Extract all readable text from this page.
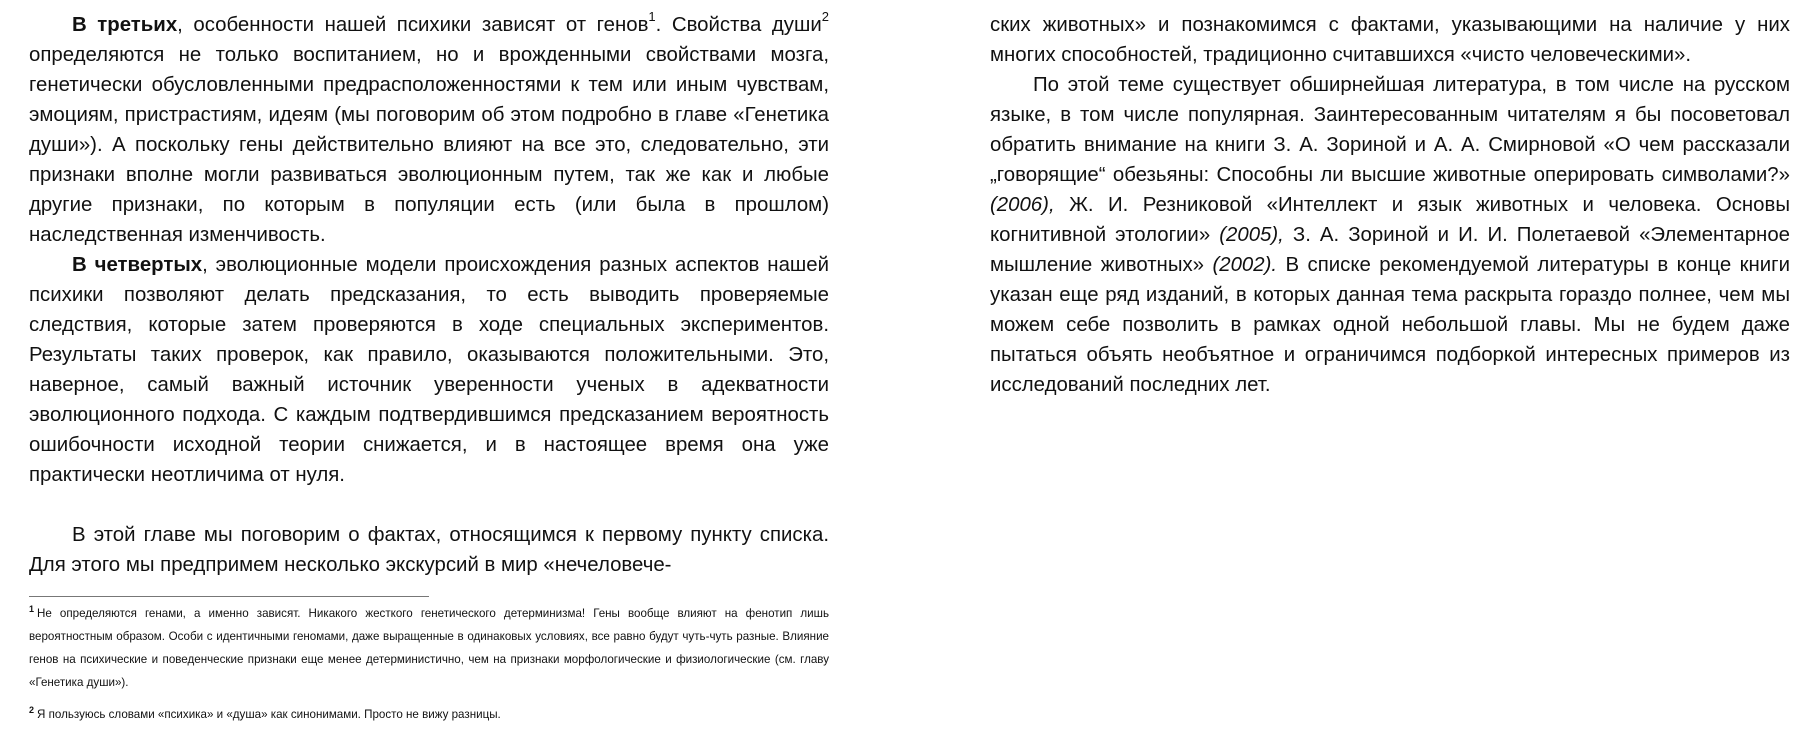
В третьих, особенности нашей психики зависят от генов$^1$. Свойства души$^2$ определяются не только воспитанием, но и врожденными свойствами мозга, генетически обусловленными предрасположенностями к тем или иным чувствам, эмоциям, пристрастиям, идеям (мы поговорим об этом подробно в главе «Генетика души»). А поскольку гены действительно влияют на все это, следовательно, эти признаки вполне могли развиваться эволюционным путем, так же как и любые другие признаки, по которым в популяции есть (или была в прошлом) наследственная изменчивость.

В четвертых, эволюционные модели происхождения разных аспектов нашей психики позволяют делать предсказания, то есть выводить проверяемые следствия, которые затем проверяются в ходе специальных экспериментов. Результаты таких проверок, как правило, оказываются положительными. Это, наверное, самый важный источник уверенности ученых в адекватности эволюционного подхода. С каждым подтвердившимся предсказанием вероятность ошибочности исходной теории снижается, и в настоящее время она уже практически неотличима от нуля.

В этой главе мы поговорим о фактах, относящимся к первому пункту списка. Для этого мы предпримем несколько экскурсий в мир «нечеловече-

ских животных» и познакомимся с фактами, указывающими на наличие у них многих способностей, традиционно считавшихся «чисто человеческими».

По этой теме существует обширнейшая литература, в том числе на русском языке, в том числе популярная. Заинтересованным читателям я бы посоветовал обратить внимание на книги З. А. Зориной и А. А. Смирновой «О чем рассказали „говорящие“ обезьяны: Способны ли высшие животные оперировать символами?» (2006), Ж. И. Резниковой «Интеллект и язык животных и человека. Основы когнитивной этологии» (2005), З. А. Зориной и И. И. Полетаевой «Элементарное мышление животных» (2002). В списке рекомендуемой литературы в конце книги указан еще ряд изданий, в которых данная тема раскрыта гораздо полнее, чем мы можем себе позволить в рамках одной небольшой главы. Мы не будем даже пытаться объять необъятное и ограничимся подборкой интересных примеров из исследований последних лет.

$^1$ Не определяются генами, а именно зависят. Никакого жесткого генетического детерминизма! Гены вообще влияют на фенотип лишь вероятностным образом. Особи с идентичными геномами, даже выращенные в одинаковых условиях, все равно будут чуть-чуть разные. Влияние генов на психические и поведенческие признаки еще менее детерминистично, чем на признаки морфологические и физиологические (см. главу «Генетика души»).

$^2$ Я пользуюсь словами «психика» и «душа» как синонимами. Просто не вижу разницы.
